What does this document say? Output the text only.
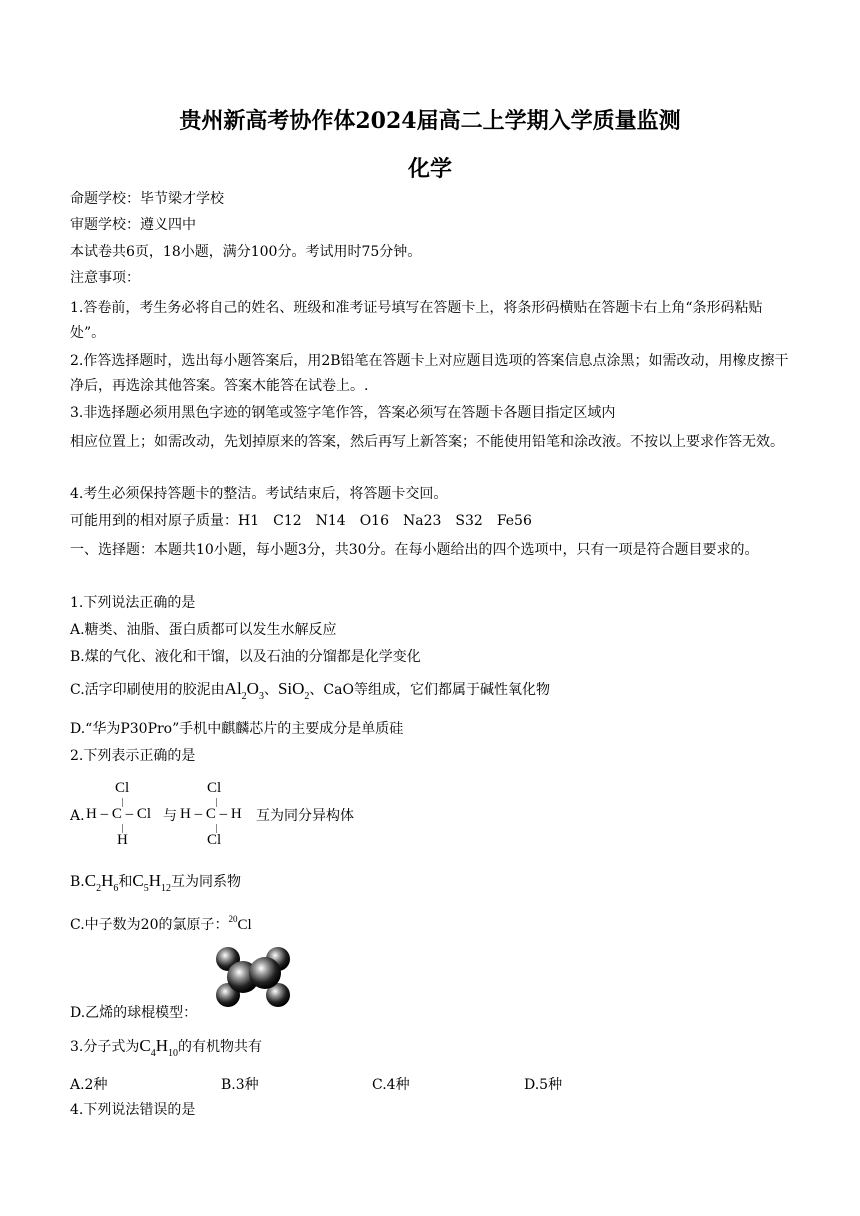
贵州新高考协作体2024届高二上学期入学质量监测
化学
命题学校：毕节梁才学校
审题学校：遵义四中
本试卷共6页，18小题，满分100分。考试用时75分钟。
注意事项：
1.答卷前，考生务必将自己的姓名、班级和准考证号填写在答题卡上，将条形码横贴在答题卡右上角“条形码粘贴处”。
2.作答选择题时，选出每小题答案后，用2B铅笔在答题卡上对应题目选项的答案信息点涂黑；如需改动，用橡皮擦干净后，再选涂其他答案。答案木能答在试卷上。.
3.非选择题必须用黑色字迹的钢笔或签字笔作答，答案必须写在答题卡各题目指定区域内
相应位置上；如需改动，先划掉原来的答案，然后再写上新答案；不能使用铅笔和涂改液。不按以上要求作答无效。
4.考生必须保持答题卡的整洁。考试结束后，将答题卡交回。
可能用到的相对原子质量：H1　C12　N14　O16　Na23　S32　Fe56
一、选择题：本题共10小题，每小题3分，共30分。在每小题给出的四个选项中，只有一项是符合题目要求的。
1.下列说法正确的是
A.糖类、油脂、蛋白质都可以发生水解反应
B.煤的气化、液化和干馏，以及石油的分馏都是化学变化
C.活字印刷使用的胶泥由$Al_2O_3$、SiO$_2$、CaO等组成，它们都属于碱性氧化物
D.“华为P30Pro”手机中麒麟芯片的主要成分是单质硅
2.下列表示正确的是
A.
Cl
H – C – Cl
H
与
Cl
H – C – H
Cl
互为同分异构体
$B.C_2H_6$和$C_5H_{12}$互为同系物
C.中子数为20的氯原子：$^{20}$Cl
D.乙烯的球棍模型：
3.分子式为$C_4H_{10}$的有机物共有
A.2种	B.3种	C.4种	D.5种
4.下列说法错误的是
